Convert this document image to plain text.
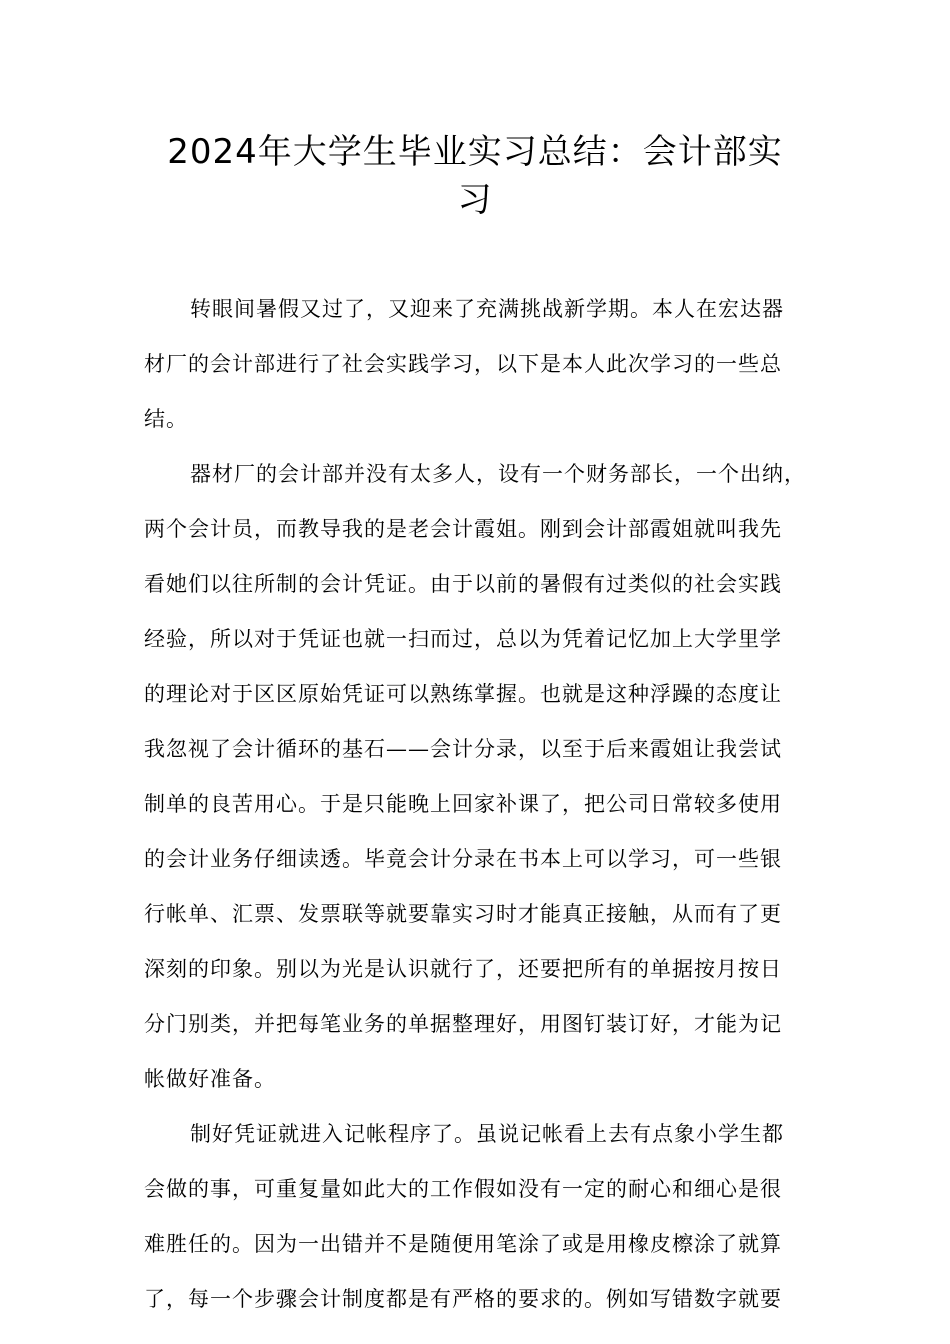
2024年大学生毕业实习总结：会计部实
习
转眼间暑假又过了，又迎来了充满挑战新学期。本人在宏达器
材厂的会计部进行了社会实践学习，以下是本人此次学习的一些总
结。
器材厂的会计部并没有太多人，设有一个财务部长，一个出纳，
两个会计员，而教导我的是老会计霞姐。刚到会计部霞姐就叫我先
看她们以往所制的会计凭证。由于以前的暑假有过类似的社会实践
经验，所以对于凭证也就一扫而过，总以为凭着记忆加上大学里学
的理论对于区区原始凭证可以熟练掌握。也就是这种浮躁的态度让
我忽视了会计循环的基石——会计分录，以至于后来霞姐让我尝试
制单的良苦用心。于是只能晚上回家补课了，把公司日常较多使用
的会计业务仔细读透。毕竟会计分录在书本上可以学习，可一些银
行帐单、汇票、发票联等就要靠实习时才能真正接触，从而有了更
深刻的印象。别以为光是认识就行了，还要把所有的单据按月按日
分门别类，并把每笔业务的单据整理好，用图钉装订好，才能为记
帐做好准备。
制好凭证就进入记帐程序了。虽说记帐看上去有点象小学生都
会做的事，可重复量如此大的工作假如没有一定的耐心和细心是很
难胜任的。因为一出错并不是随便用笔涂了或是用橡皮檫涂了就算
了，每一个步骤会计制度都是有严格的要求的。例如写错数字就要
